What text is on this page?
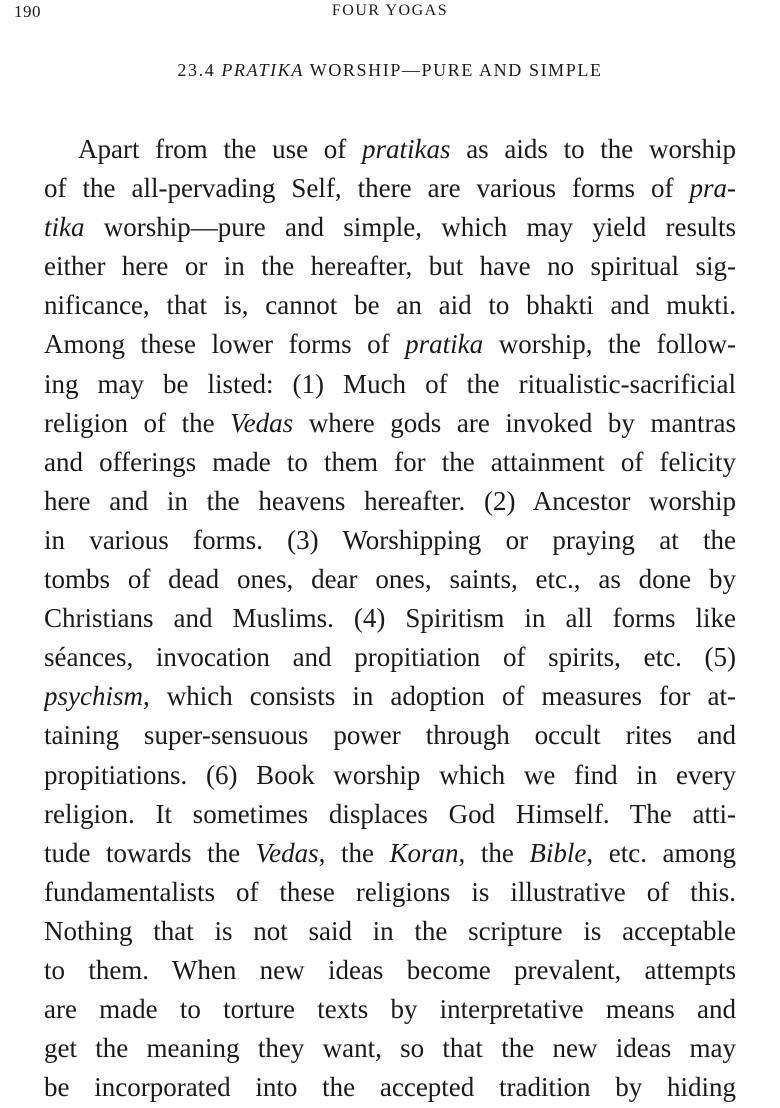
190	FOUR YOGAS
23.4 PRATIKA WORSHIP—PURE AND SIMPLE
Apart from the use of pratikas as aids to the worship
of the all-pervading Self, there are various forms of pra-
tika worship—pure and simple, which may yield results
either here or in the hereafter, but have no spiritual sig-
nificance, that is, cannot be an aid to bhakti and mukti.
Among these lower forms of pratika worship, the follow-
ing may be listed: (1) Much of the ritualistic-sacrificial
religion of the Vedas where gods are invoked by mantras
and offerings made to them for the attainment of felicity
here and in the heavens hereafter. (2) Ancestor worship
in various forms. (3) Worshipping or praying at the
tombs of dead ones, dear ones, saints, etc., as done by
Christians and Muslims. (4) Spiritism in all forms like
séances, invocation and propitiation of spirits, etc. (5)
psychism, which consists in adoption of measures for at-
taining super-sensuous power through occult rites and
propitiations. (6) Book worship which we find in every
religion. It sometimes displaces God Himself. The atti-
tude towards the Vedas, the Koran, the Bible, etc. among
fundamentalists of these religions is illustrative of this.
Nothing that is not said in the scripture is acceptable
to them. When new ideas become prevalent, attempts
are made to torture texts by interpretative means and
get the meaning they want, so that the new ideas may
be incorporated into the accepted tradition by hiding
